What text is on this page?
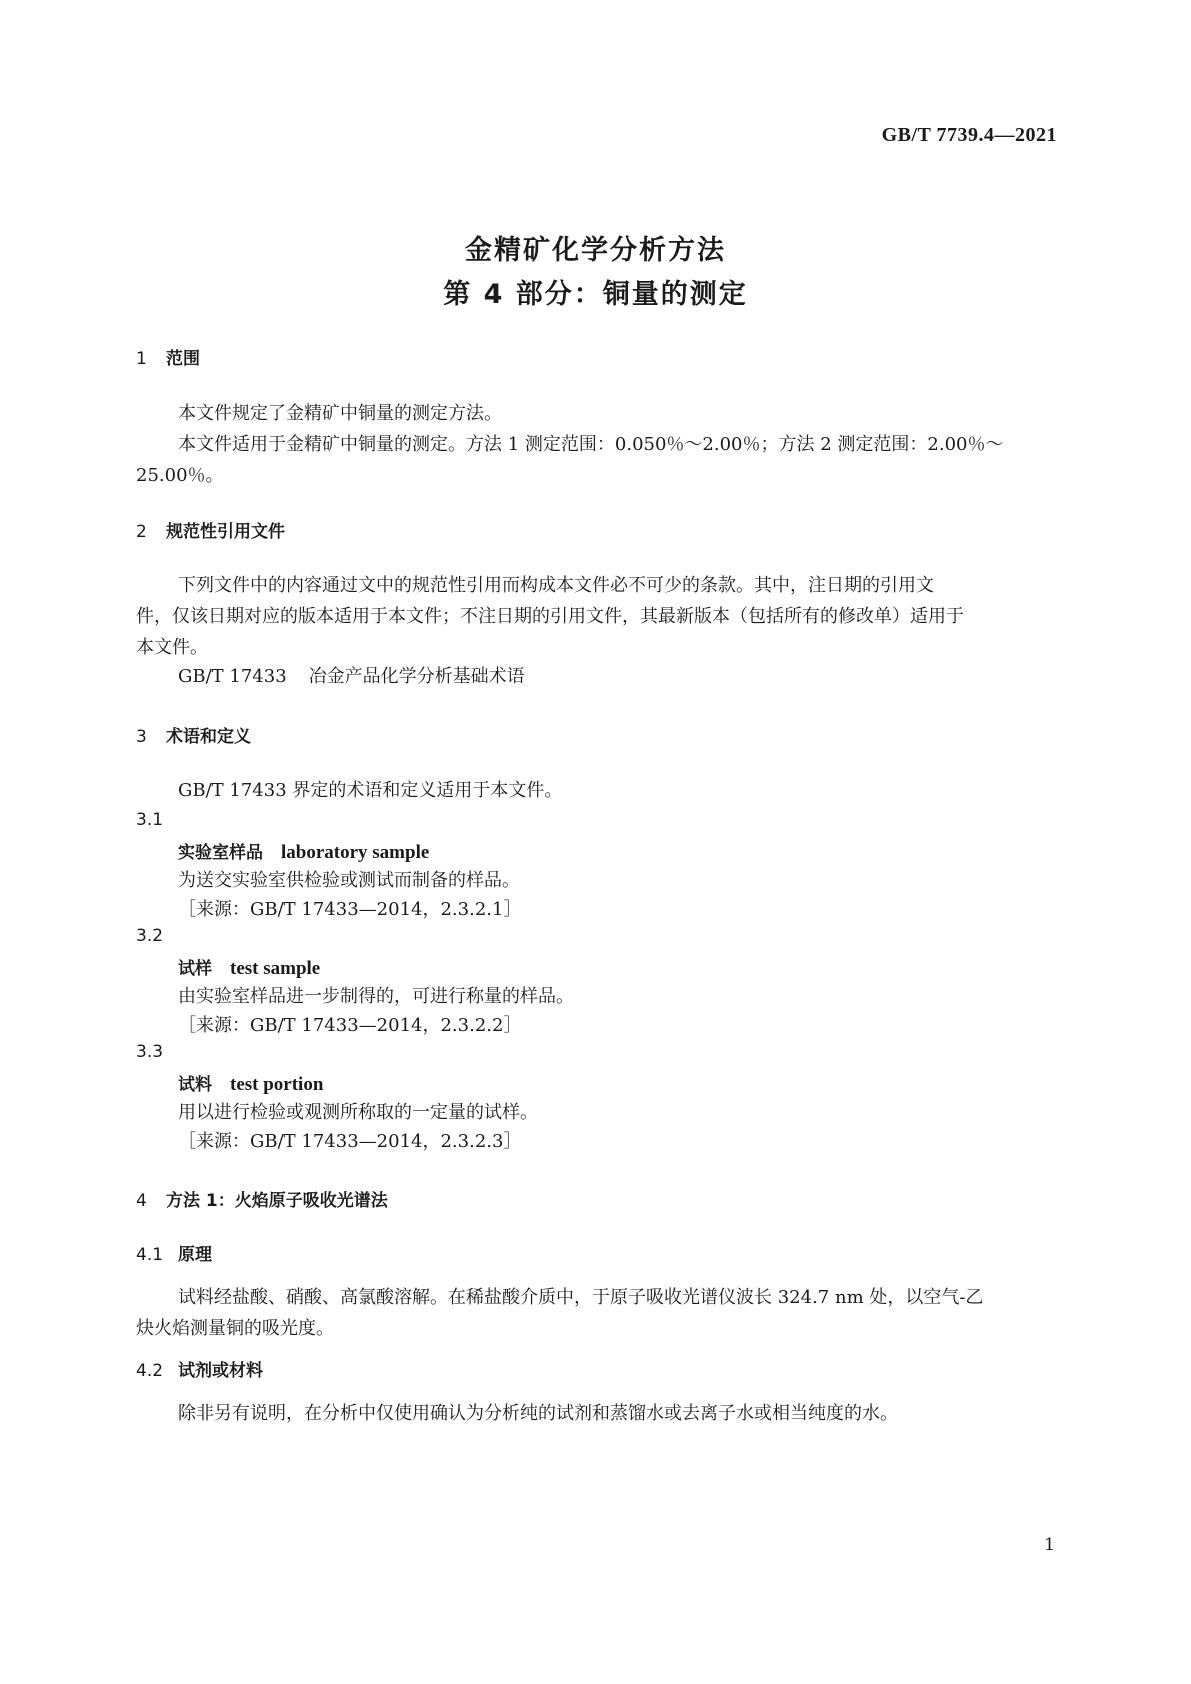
GB/T 7739.4—2021
金精矿化学分析方法
第 4 部分：铜量的测定
1 范围
本文件规定了金精矿中铜量的测定方法。
本文件适用于金精矿中铜量的测定。方法 1 测定范围：0.050％～2.00％；方法 2 测定范围：2.00％～
25.00％。
2 规范性引用文件
下列文件中的内容通过文中的规范性引用而构成本文件必不可少的条款。其中，注日期的引用文
件，仅该日期对应的版本适用于本文件；不注日期的引用文件，其最新版本（包括所有的修改单）适用于
本文件。
GB/T 17433 冶金产品化学分析基础术语
3 术语和定义
GB/T 17433 界定的术语和定义适用于本文件。
3.1
实验室样品 laboratory sample
为送交实验室供检验或测试而制备的样品。
［来源：GB/T 17433—2014，2.3.2.1］
3.2
试样 test sample
由实验室样品进一步制得的，可进行称量的样品。
［来源：GB/T 17433—2014，2.3.2.2］
3.3
试料 test portion
用以进行检验或观测所称取的一定量的试样。
［来源：GB/T 17433—2014，2.3.2.3］
4 方法 1：火焰原子吸收光谱法
4.1 原理
试料经盐酸、硝酸、高氯酸溶解。在稀盐酸介质中，于原子吸收光谱仪波长 324.7 nm 处，以空气-乙
炔火焰测量铜的吸光度。
4.2 试剂或材料
除非另有说明，在分析中仅使用确认为分析纯的试剂和蒸馏水或去离子水或相当纯度的水。
1
